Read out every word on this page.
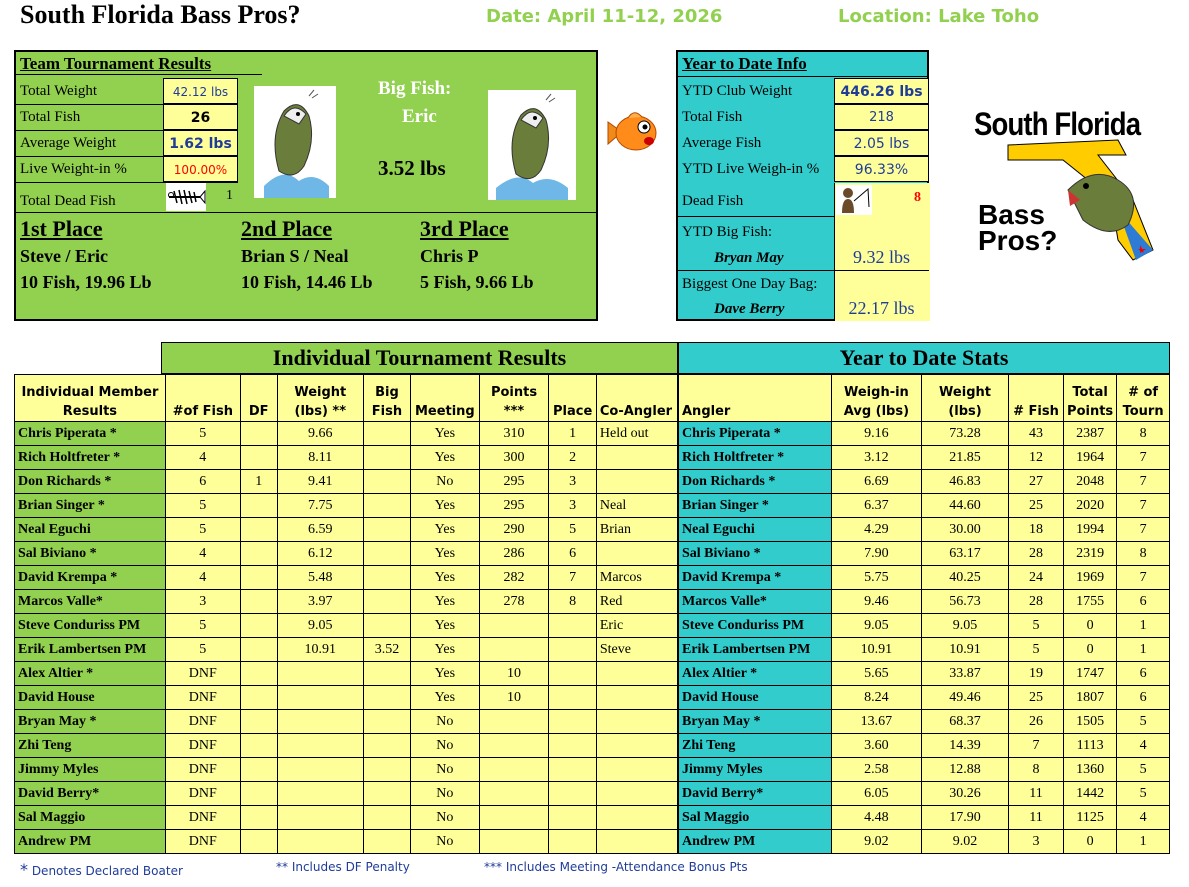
South Florida Bass Pros?	Date: April 11-12, 2026	Location: Lake Toho
Team Tournament Results
Total Weight	42.12 lbs
Total Fish	26
Average Weight	1.62 lbs
Live Weight-in %	100.00%
Total Dead Fish	1
Big Fish:
Eric
3.52 lbs
1st Place
Steve / Eric
10 Fish, 19.96 Lb
2nd Place
Brian S / Neal
10 Fish, 14.46 Lb
3rd Place
Chris P
5 Fish, 9.66 Lb
Year to Date Info
YTD Club Weight	446.26 lbs
Total Fish	218
Average Fish	2.05 lbs
YTD Live Weigh-in %	96.33%
Dead Fish	8
YTD Big Fish:
Bryan May	9.32 lbs
Biggest One Day Bag:
Dave Berry	22.17 lbs
South Florida
Bass
Pros?
Individual Tournament Results	Year to Date Stats
Individual Member Results	#of Fish	DF	Weight (lbs) **	Big Fish	Meeting	Points ***	Place	Co-Angler
Chris Piperata *	5		9.66		Yes	310	1	Held out
Rich Holtfreter *	4		8.11		Yes	300	2	
Don Richards *	6	1	9.41		No	295	3	
Brian Singer *	5		7.75		Yes	295	3	Neal
Neal Eguchi	5		6.59		Yes	290	5	Brian
Sal Biviano *	4		6.12		Yes	286	6	
David Krempa *	4		5.48		Yes	282	7	Marcos
Marcos Valle*	3		3.97		Yes	278	8	Red
Steve Conduriss PM	5		9.05		Yes			Eric
Erik Lambertsen PM	5		10.91	3.52	Yes			Steve
Alex Altier *	DNF				Yes	10		
David House	DNF				Yes	10		
Bryan May *	DNF				No			
Zhi Teng	DNF				No			
Jimmy Myles	DNF				No			
David Berry*	DNF				No			
Sal Maggio	DNF				No			
Andrew PM	DNF				No			
Angler	Weigh-in Avg (lbs)	Weight (lbs)	# Fish	Total Points	# of Tourn
Chris Piperata *	9.16	73.28	43	2387	8
Rich Holtfreter *	3.12	21.85	12	1964	7
Don Richards *	6.69	46.83	27	2048	7
Brian Singer *	6.37	44.60	25	2020	7
Neal Eguchi	4.29	30.00	18	1994	7
Sal Biviano *	7.90	63.17	28	2319	8
David Krempa *	5.75	40.25	24	1969	7
Marcos Valle*	9.46	56.73	28	1755	6
Steve Conduriss PM	9.05	9.05	5	0	1
Erik Lambertsen PM	10.91	10.91	5	0	1
Alex Altier *	5.65	33.87	19	1747	6
David House	8.24	49.46	25	1807	6
Bryan May *	13.67	68.37	26	1505	5
Zhi Teng	3.60	14.39	7	1113	4
Jimmy Myles	2.58	12.88	8	1360	5
David Berry*	6.05	30.26	11	1442	5
Sal Maggio	4.48	17.90	11	1125	4
Andrew PM	9.02	9.02	3	0	1
* Denotes Declared Boater	** Includes DF Penalty	*** Includes Meeting -Attendance Bonus Pts
